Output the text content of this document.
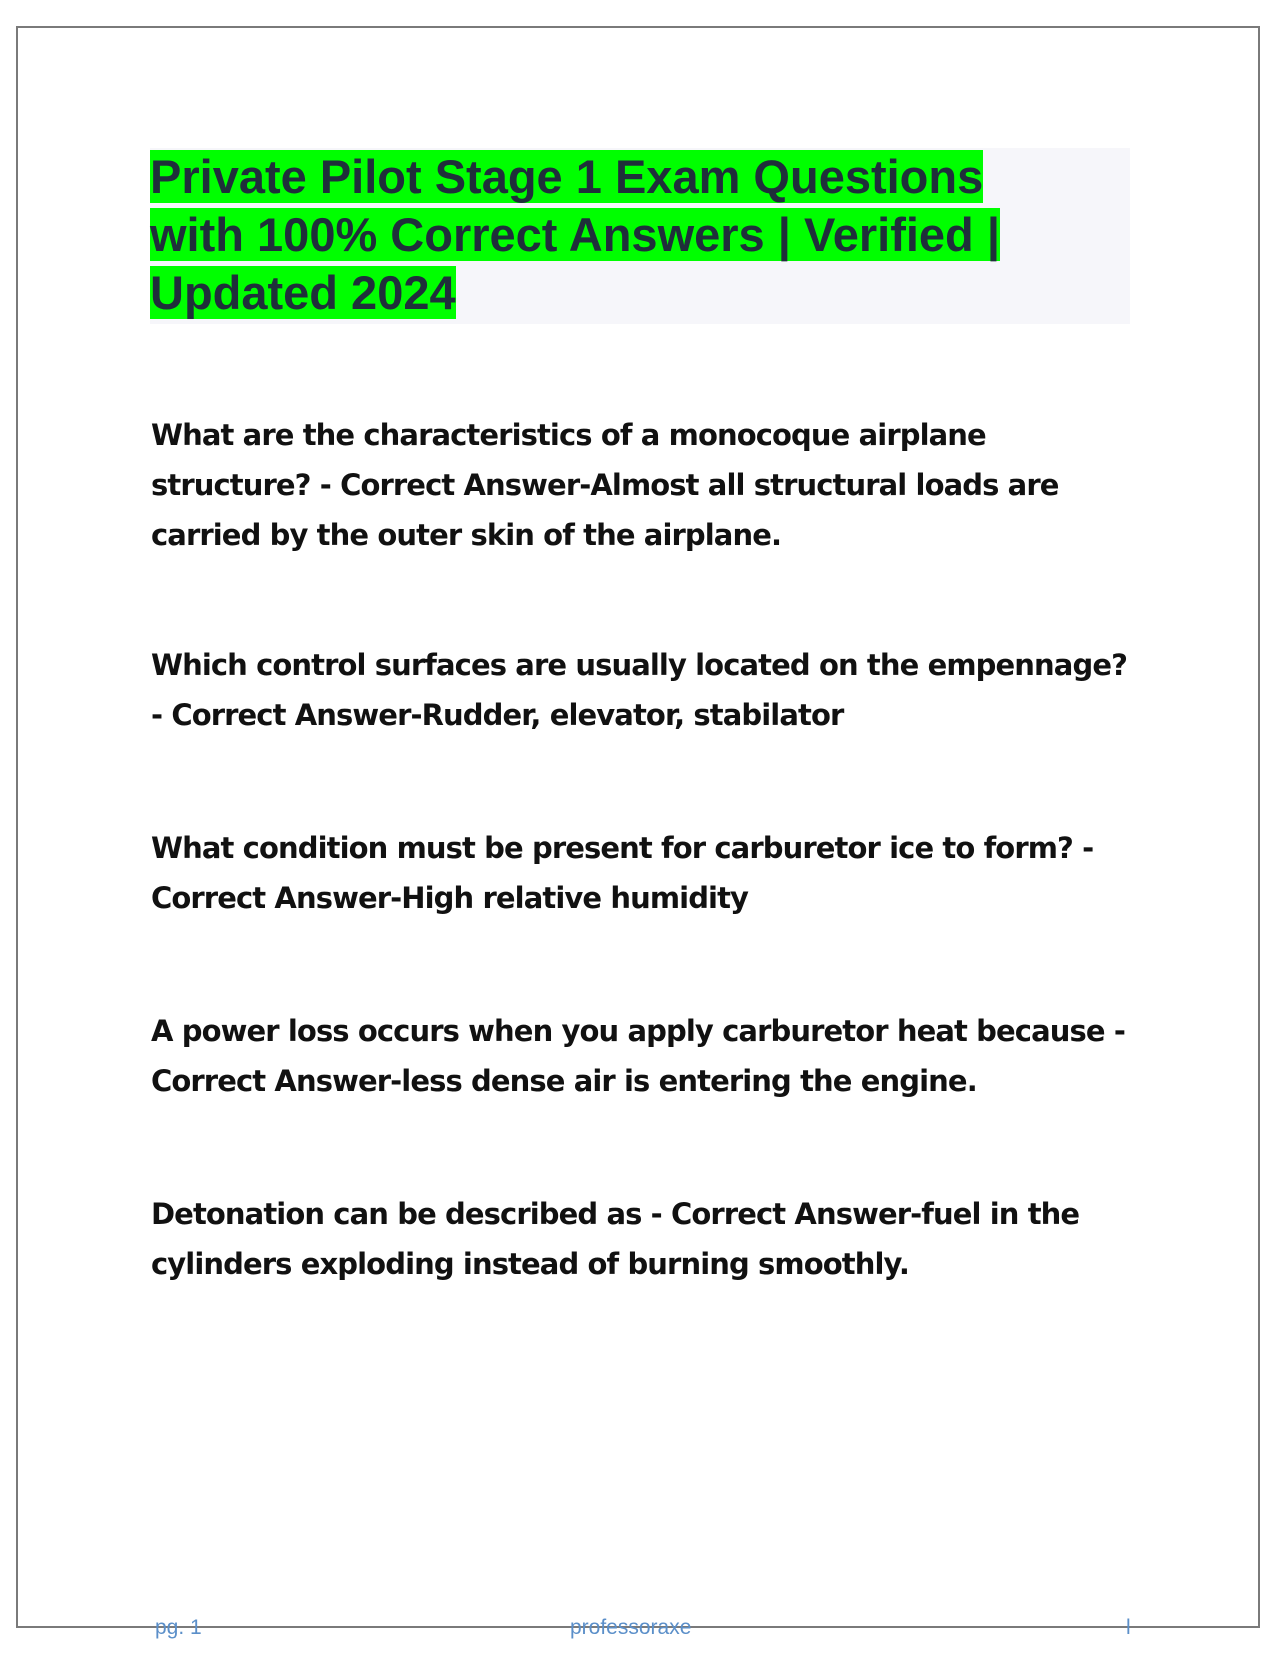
Private Pilot Stage 1 Exam Questions with 100% Correct Answers | Verified | Updated 2024

What are the characteristics of a monocoque airplane structure? - Correct Answer-Almost all structural loads are carried by the outer skin of the airplane.

Which control surfaces are usually located on the empennage? - Correct Answer-Rudder, elevator, stabilator

What condition must be present for carburetor ice to form? - Correct Answer-High relative humidity

A power loss occurs when you apply carburetor heat because - Correct Answer-less dense air is entering the engine.

Detonation can be described as - Correct Answer-fuel in the cylinders exploding instead of burning smoothly.

pg. 1	professoraxe	l
